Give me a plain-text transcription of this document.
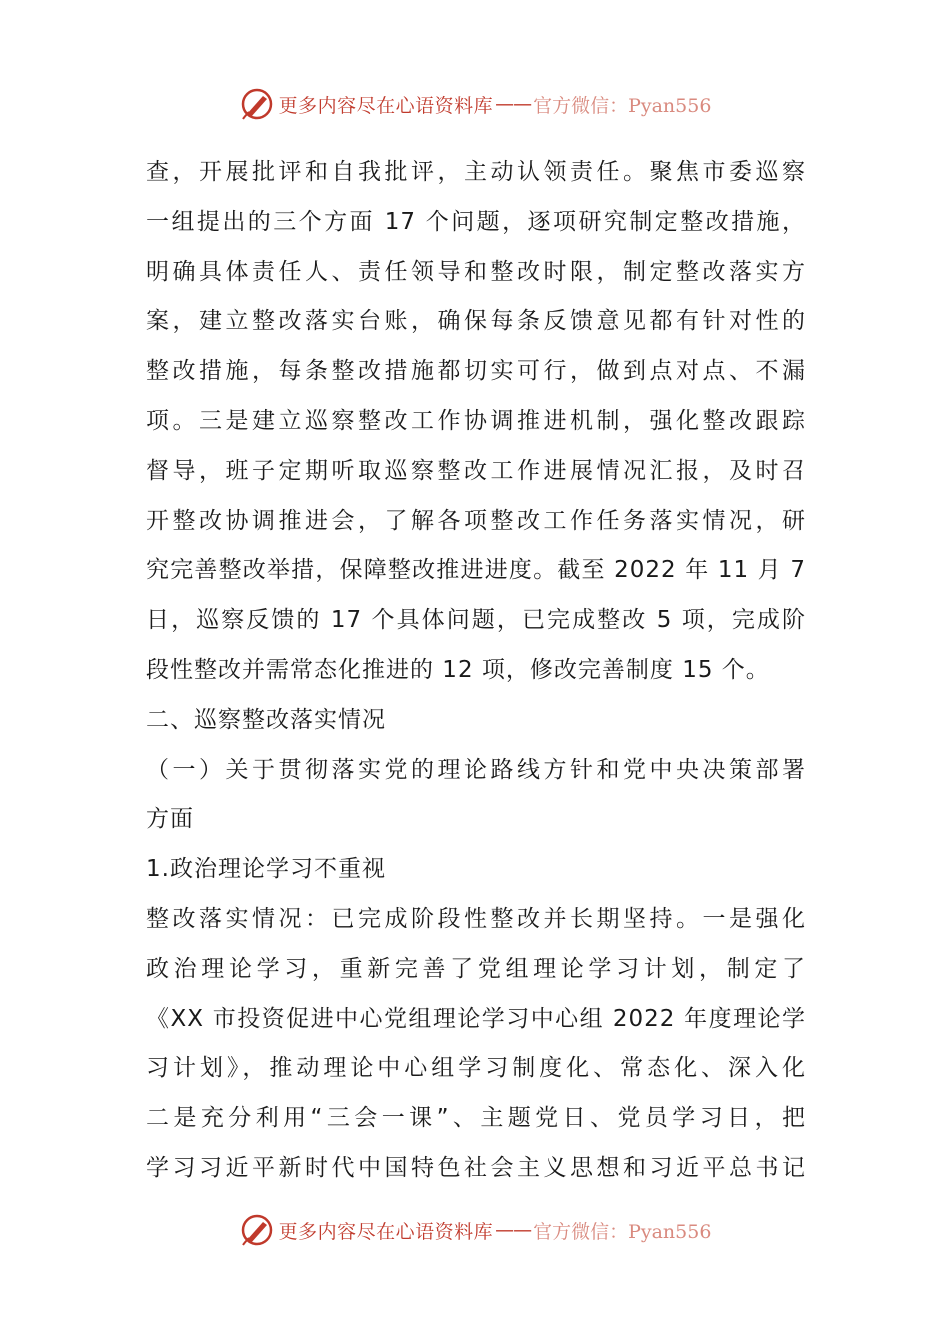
更多内容尽在心语资料库 —— 官方微信：Pyan556
查，开展批评和自我批评，主动认领责任。聚焦市委巡察
一组提出的三个方面 17 个问题，逐项研究制定整改措施，
明确具体责任人、责任领导和整改时限，制定整改落实方
案，建立整改落实台账，确保每条反馈意见都有针对性的
整改措施，每条整改措施都切实可行，做到点对点、不漏
项。三是建立巡察整改工作协调推进机制，强化整改跟踪
督导，班子定期听取巡察整改工作进展情况汇报，及时召
开整改协调推进会，了解各项整改工作任务落实情况，研
究完善整改举措，保障整改推进进度。截至 2022 年 11 月 7
日，巡察反馈的 17 个具体问题，已完成整改 5 项，完成阶
段性整改并需常态化推进的 12 项，修改完善制度 15 个。
二、巡察整改落实情况
（一）关于贯彻落实党的理论路线方针和党中央决策部署
方面
1.政治理论学习不重视
整改落实情况：已完成阶段性整改并长期坚持。一是强化
政治理论学习，重新完善了党组理论学习计划，制定了
《XX 市投资促进中心党组理论学习中心组 2022 年度理论学
习计划》，推动理论中心组学习制度化、常态化、深入化
二是充分利用“三会一课”、主题党日、党员学习日，把
学习习近平新时代中国特色社会主义思想和习近平总书记
更多内容尽在心语资料库 —— 官方微信：Pyan556
